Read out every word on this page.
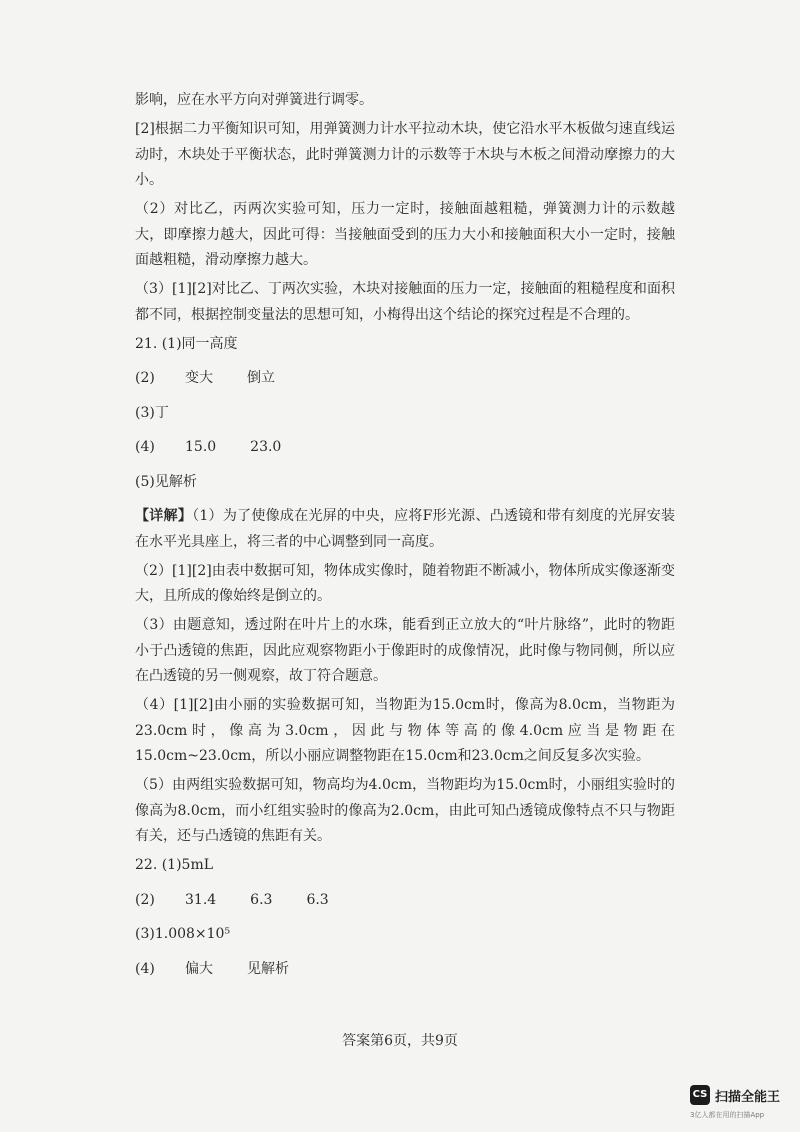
影响，应在水平方向对弹簧进行调零。

[2]根据二力平衡知识可知，用弹簧测力计水平拉动木块，使它沿水平木板做匀速直线运动时，木块处于平衡状态，此时弹簧测力计的示数等于木块与木板之间滑动摩擦力的大小。

（2）对比乙，丙两次实验可知，压力一定时，接触面越粗糙，弹簧测力计的示数越大，即摩擦力越大，因此可得：当接触面受到的压力大小和接触面积大小一定时，接触面越粗糙，滑动摩擦力越大。

（3）[1][2]对比乙、丁两次实验，木块对接触面的压力一定，接触面的粗糙程度和面积都不同，根据控制变量法的思想可知，小梅得出这个结论的探究过程是不合理的。

21. (1)同一高度

(2)	变大 倒立

(3)丁

(4)	15.0 23.0

(5)见解析

【详解】（1）为了使像成在光屏的中央，应将F形光源、凸透镜和带有刻度的光屏安装在水平光具座上，将三者的中心调整到同一高度。

（2）[1][2]由表中数据可知，物体成实像时，随着物距不断减小，物体所成实像逐渐变大，且所成的像始终是倒立的。

（3）由题意知，透过附在叶片上的水珠，能看到正立放大的“叶片脉络”，此时的物距小于凸透镜的焦距，因此应观察物距小于像距时的成像情况，此时像与物同侧，所以应在凸透镜的另一侧观察，故丁符合题意。

（4）[1][2]由小丽的实验数据可知，当物距为15.0cm时，像高为8.0cm，当物距为23.0cm时，像高为3.0cm，因此与物体等高的像4.0cm应当是物距在15.0cm~23.0cm，所以小丽应调整物距在15.0cm和23.0cm之间反复多次实验。

（5）由两组实验数据可知，物高均为4.0cm，当物距均为15.0cm时，小丽组实验时的像高为8.0cm，而小红组实验时的像高为2.0cm，由此可知凸透镜成像特点不只与物距有关，还与凸透镜的焦距有关。

22. (1)5mL

(2)	31.4 6.3 6.3

(3)1.008×10⁵

(4)	偏大 见解析
答案第6页，共9页
CS 扫描全能王
3亿人都在用的扫描App
